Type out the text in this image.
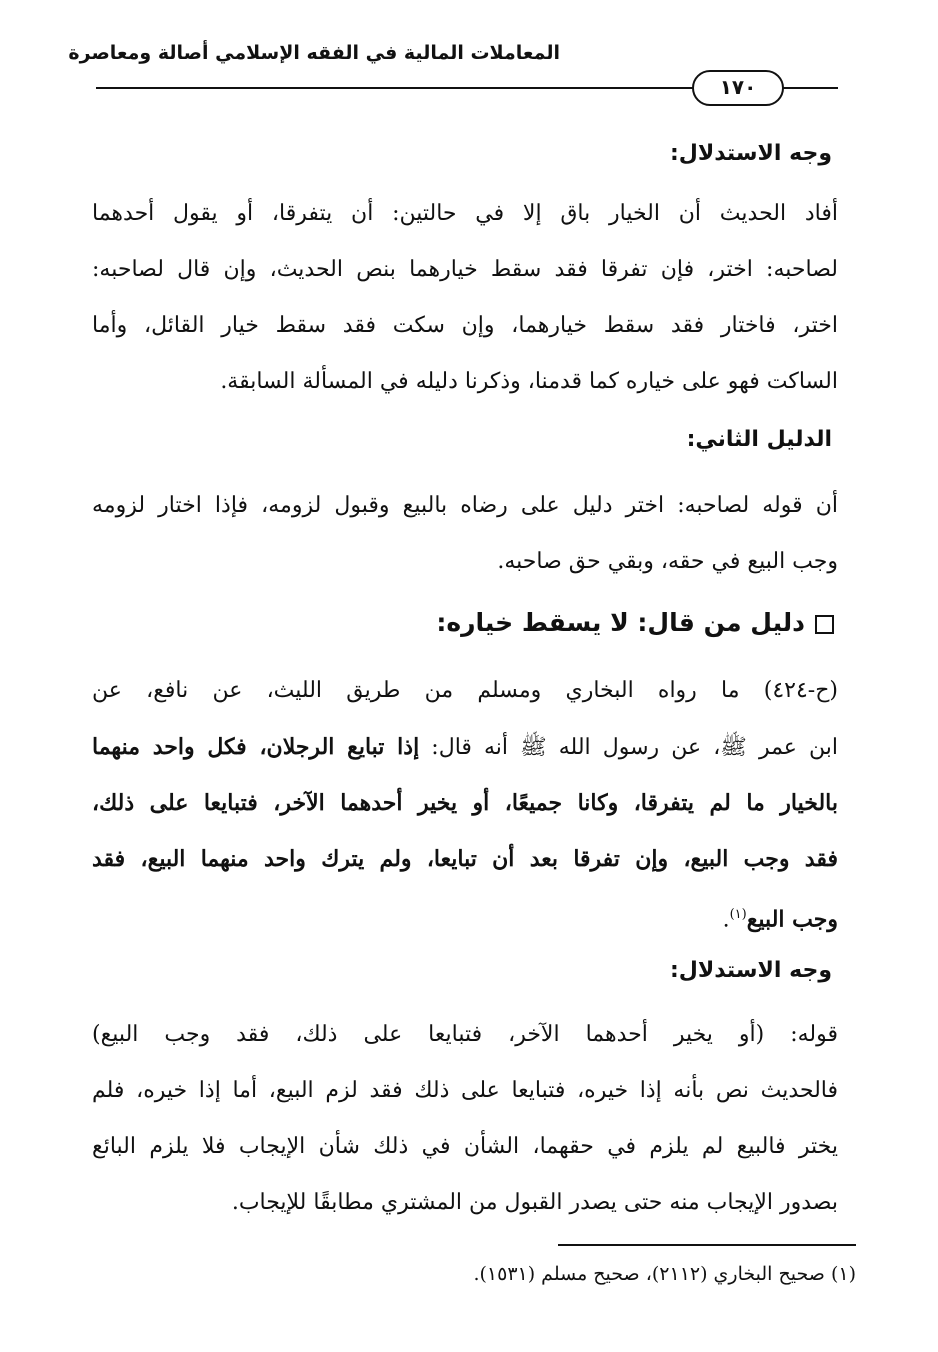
المعاملات المالية في الفقه الإسلامي أصالة ومعاصرة
١٧٠
وجه الاستدلال:
أفاد الحديث أن الخيار باق إلا في حالتين: أن يتفرقا، أو يقول أحدهما
لصاحبه: اختر، فإن تفرقا فقد سقط خيارهما بنص الحديث، وإن قال لصاحبه:
اختر، فاختار فقد سقط خيارهما، وإن سكت فقد سقط خيار القائل، وأما
الساكت فهو على خياره كما قدمنا، وذكرنا دليله في المسألة السابقة.
الدليل الثاني:
أن قوله لصاحبه: اختر دليل على رضاه بالبيع وقبول لزومه، فإذا اختار لزومه
وجب البيع في حقه، وبقي حق صاحبه.
دليل من قال: لا يسقط خياره:
(ح-٤٢٤) ما رواه البخاري ومسلم من طريق الليث، عن نافع، عن
ابن عمر ﷺ، عن رسول الله ﷺ أنه قال: إذا تبايع الرجلان، فكل واحد منهما
بالخيار ما لم يتفرقا، وكانا جميعًا، أو يخير أحدهما الآخر، فتبايعا على ذلك،
فقد وجب البيع، وإن تفرقا بعد أن تبايعا، ولم يترك واحد منهما البيع، فقد
وجب البيع$^{(١)}$.
وجه الاستدلال:
قوله: (أو يخير أحدهما الآخر، فتبايعا على ذلك، فقد وجب البيع)
فالحديث نص بأنه إذا خيره، فتبايعا على ذلك فقد لزم البيع، أما إذا خيره، فلم
يختر فالبيع لم يلزم في حقهما، الشأن في ذلك شأن الإيجاب فلا يلزم البائع
بصدور الإيجاب منه حتى يصدر القبول من المشتري مطابقًا للإيجاب.
(١) صحيح البخاري (٢١١٢)، صحيح مسلم (١٥٣١).
